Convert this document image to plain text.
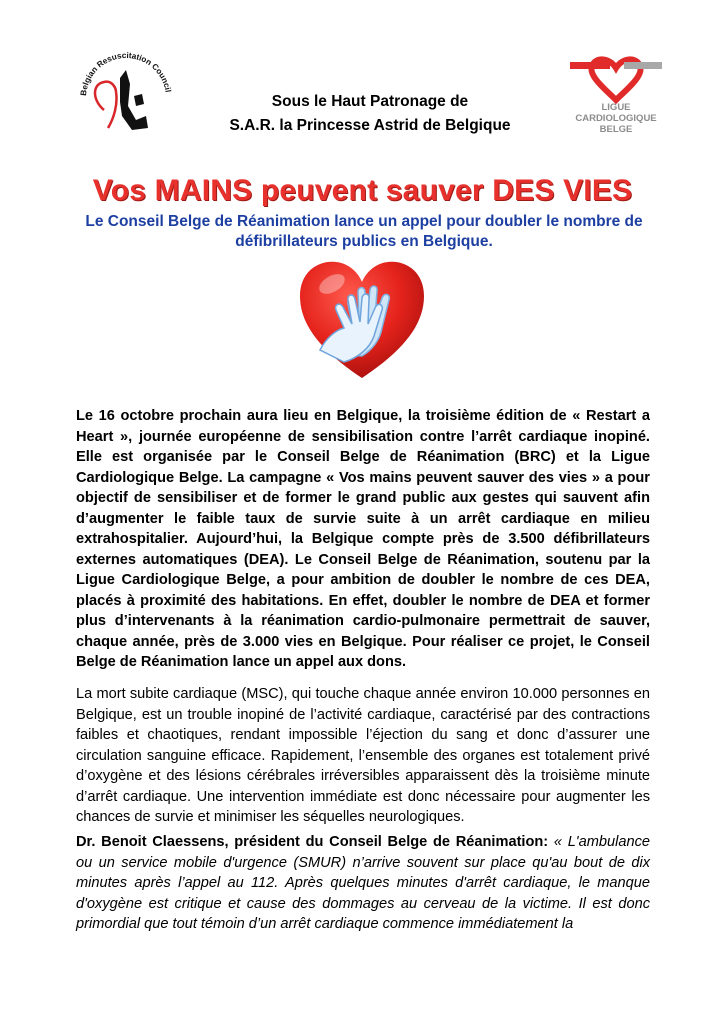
Belgian Resuscitation Council
Sous le Haut Patronage de
S.A.R. la Princesse Astrid de Belgique
LIGUE
CARDIOLOGIQUE
BELGE
Vos MAINS peuvent sauver DES VIES
Le Conseil Belge de Réanimation lance un appel pour doubler le nombre de défibrillateurs publics en Belgique.
Le 16 octobre prochain aura lieu en Belgique, la troisième édition de « Restart a Heart », journée européenne de sensibilisation contre l’arrêt cardiaque inopiné. Elle est organisée par le Conseil Belge de Réanimation (BRC) et la Ligue Cardiologique Belge. La campagne « Vos mains peuvent sauver des vies » a pour objectif de sensibiliser et de former le grand public aux gestes qui sauvent afin d’augmenter le faible taux de survie suite à un arrêt cardiaque en milieu extrahospitalier. Aujourd’hui, la Belgique compte près de 3.500 défibrillateurs externes automatiques (DEA). Le Conseil Belge de Réanimation, soutenu par la Ligue Cardiologique Belge, a pour ambition de doubler le nombre de ces DEA, placés à proximité des habitations. En effet, doubler le nombre de DEA et former plus d’intervenants à la réanimation cardio-pulmonaire permettrait de sauver, chaque année, près de 3.000 vies en Belgique. Pour réaliser ce projet, le Conseil Belge de Réanimation lance un appel aux dons.
La mort subite cardiaque (MSC), qui touche chaque année environ 10.000 personnes en Belgique, est un trouble inopiné de l’activité cardiaque, caractérisé par des contractions faibles et chaotiques, rendant impossible l’éjection du sang et donc d’assurer une circulation sanguine efficace. Rapidement, l’ensemble des organes est totalement privé d’oxygène et des lésions cérébrales irréversibles apparaissent dès la troisième minute d’arrêt cardiaque. Une intervention immédiate est donc nécessaire pour augmenter les chances de survie et minimiser les séquelles neurologiques.
Dr. Benoit Claessens, président du Conseil Belge de Réanimation: « L'ambulance ou un service mobile d'urgence (SMUR) n’arrive souvent sur place qu'au bout de dix minutes après l’appel au 112. Après quelques minutes d'arrêt cardiaque, le manque d'oxygène est critique et cause des dommages au cerveau de la victime. Il est donc primordial que tout témoin d’un arrêt cardiaque commence immédiatement la
